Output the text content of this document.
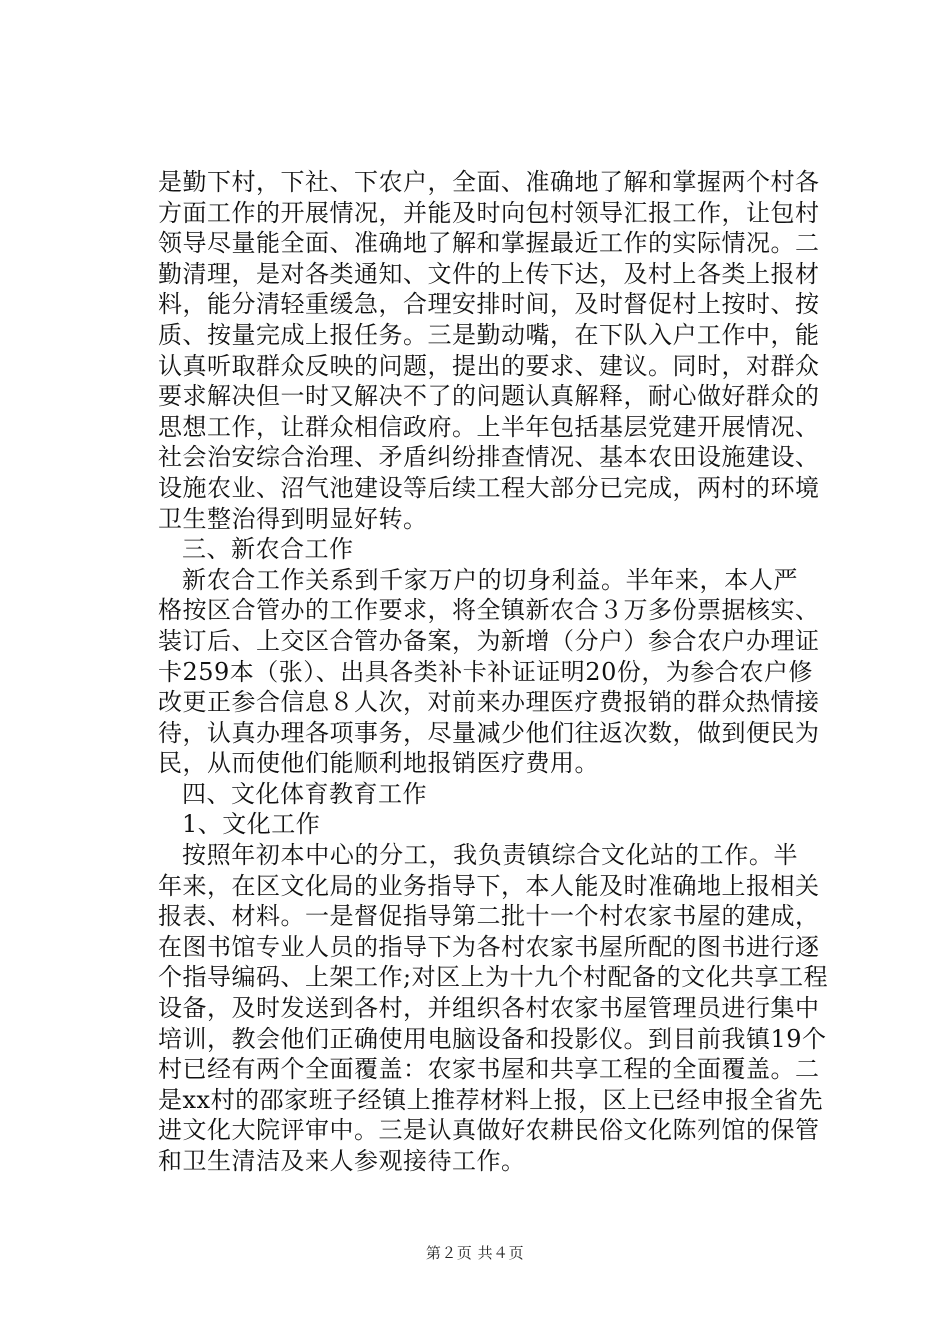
是勤下村，下社、下农户，全面、准确地了解和掌握两个村各
方面工作的开展情况，并能及时向包村领导汇报工作，让包村
领导尽量能全面、准确地了解和掌握最近工作的实际情况。二
勤清理，是对各类通知、文件的上传下达，及村上各类上报材
料，能分清轻重缓急，合理安排时间，及时督促村上按时、按
质、按量完成上报任务。三是勤动嘴，在下队入户工作中，能
认真听取群众反映的问题，提出的要求、建议。同时，对群众
要求解决但一时又解决不了的问题认真解释，耐心做好群众的
思想工作，让群众相信政府。上半年包括基层党建开展情况、
社会治安综合治理、矛盾纠纷排查情况、基本农田设施建设、
设施农业、沼气池建设等后续工程大部分已完成，两村的环境
卫生整治得到明显好转。
三、新农合工作
新农合工作关系到千家万户的切身利益。半年来，本人严
格按区合管办的工作要求，将全镇新农合３万多份票据核实、
装订后、上交区合管办备案，为新增（分户）参合农户办理证
卡259本（张）、出具各类补卡补证证明20份，为参合农户修
改更正参合信息８人次，对前来办理医疗费报销的群众热情接
待，认真办理各项事务，尽量减少他们往返次数，做到便民为
民，从而使他们能顺利地报销医疗费用。
四、文化体育教育工作
1、文化工作
按照年初本中心的分工，我负责镇综合文化站的工作。半
年来，在区文化局的业务指导下，本人能及时准确地上报相关
报表、材料。一是督促指导第二批十一个村农家书屋的建成，
在图书馆专业人员的指导下为各村农家书屋所配的图书进行逐
个指导编码、上架工作;对区上为十九个村配备的文化共享工程
设备，及时发送到各村，并组织各村农家书屋管理员进行集中
培训，教会他们正确使用电脑设备和投影仪。到目前我镇19个
村已经有两个全面覆盖：农家书屋和共享工程的全面覆盖。二
是xx村的邵家班子经镇上推荐材料上报，区上已经申报全省先
进文化大院评审中。三是认真做好农耕民俗文化陈列馆的保管
和卫生清洁及来人参观接待工作。
第２页 共４页
